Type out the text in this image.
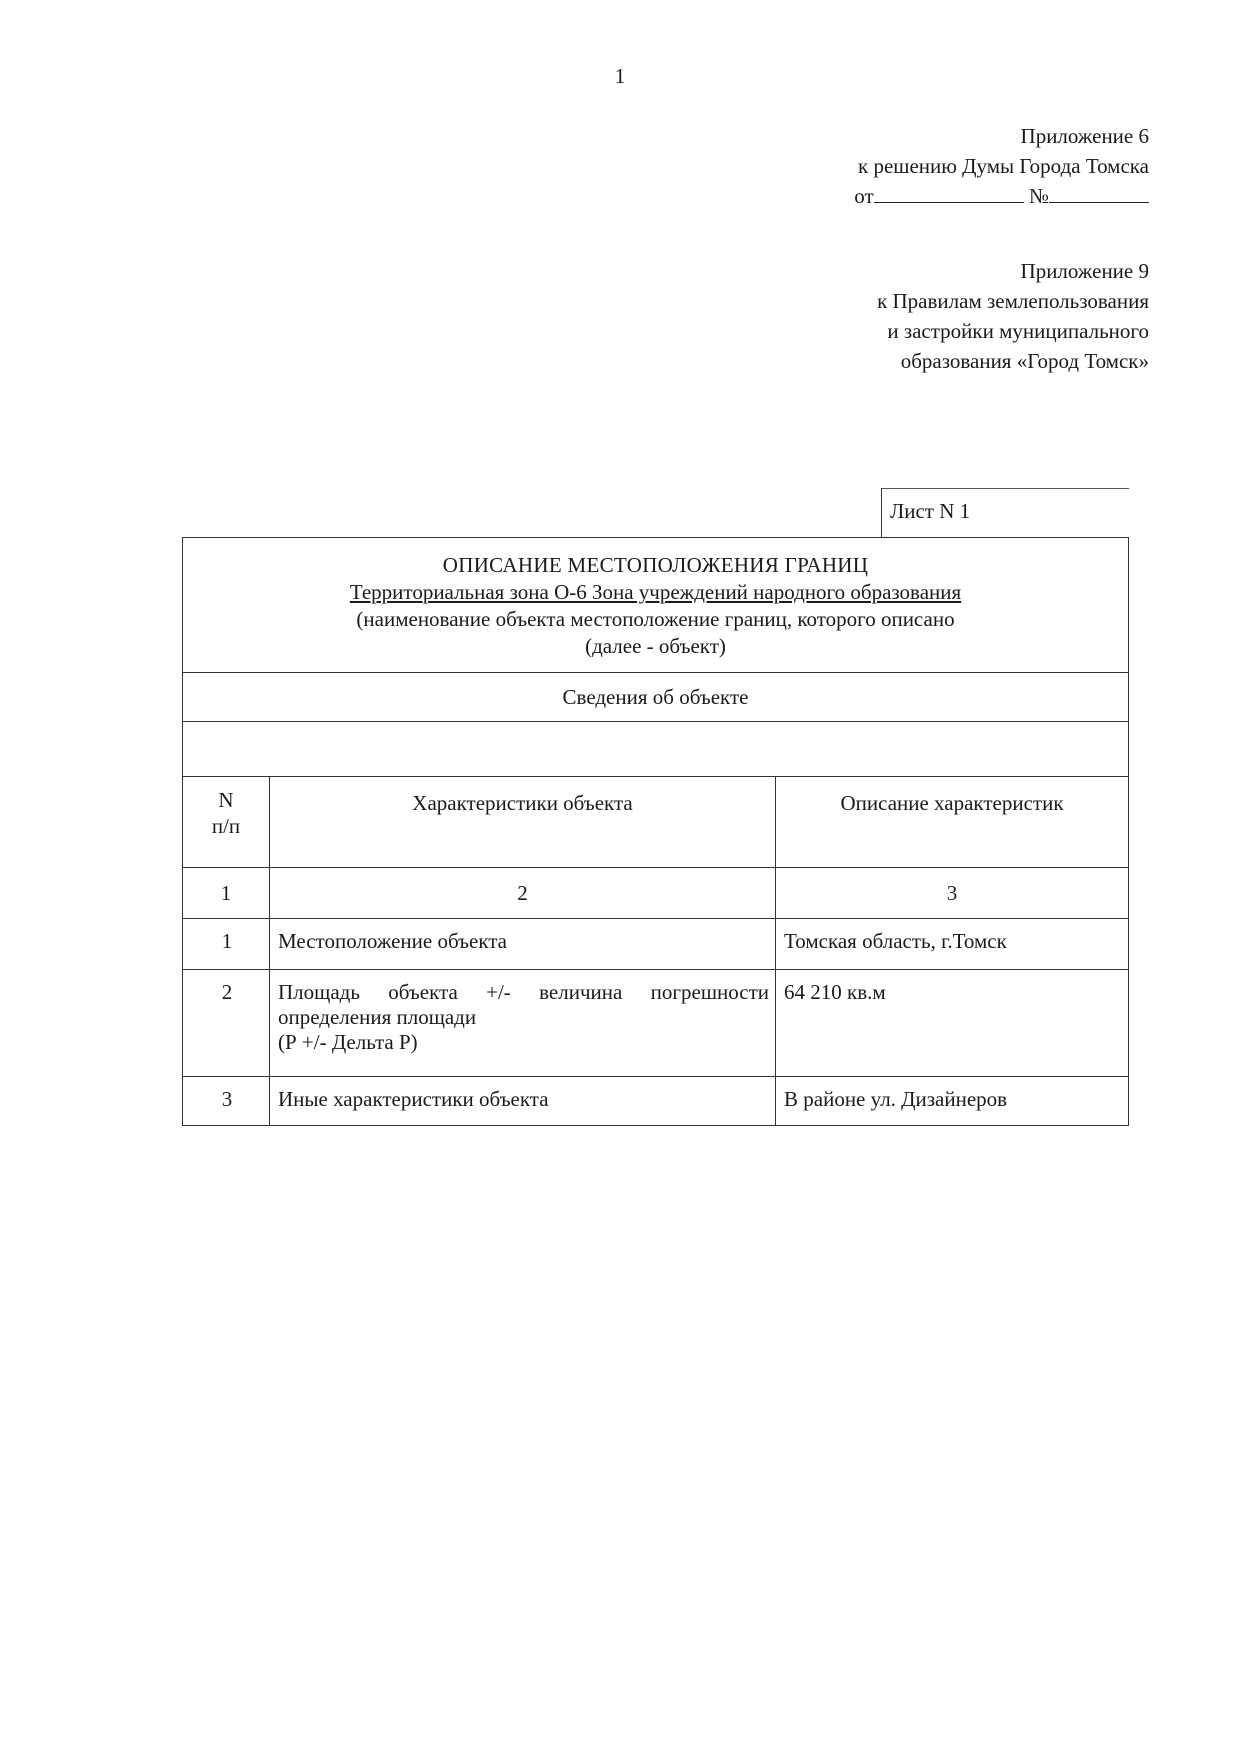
1
Приложение 6
к решению Думы Города Томска
от	№
Приложение 9
к Правилам землепользования
и застройки муниципального
образования «Город Томск»
Лист N 1
ОПИСАНИЕ МЕСТОПОЛОЖЕНИЯ ГРАНИЦ
Территориальная зона О-6 Зона учреждений народного образования
(наименование объекта местоположение границ, которого описано
(далее - объект)		

Сведения об объекте		

N
п/п	Характеристики объекта	Описание характеристик
1	2	3
1	Местоположение объекта	Томская область, г.Томск
2	Площадь объекта +/- величина погрешности определения площади
(Р +/- Дельта Р)	64 210 кв.м
3	Иные характеристики объекта	В районе ул. Дизайнеров
